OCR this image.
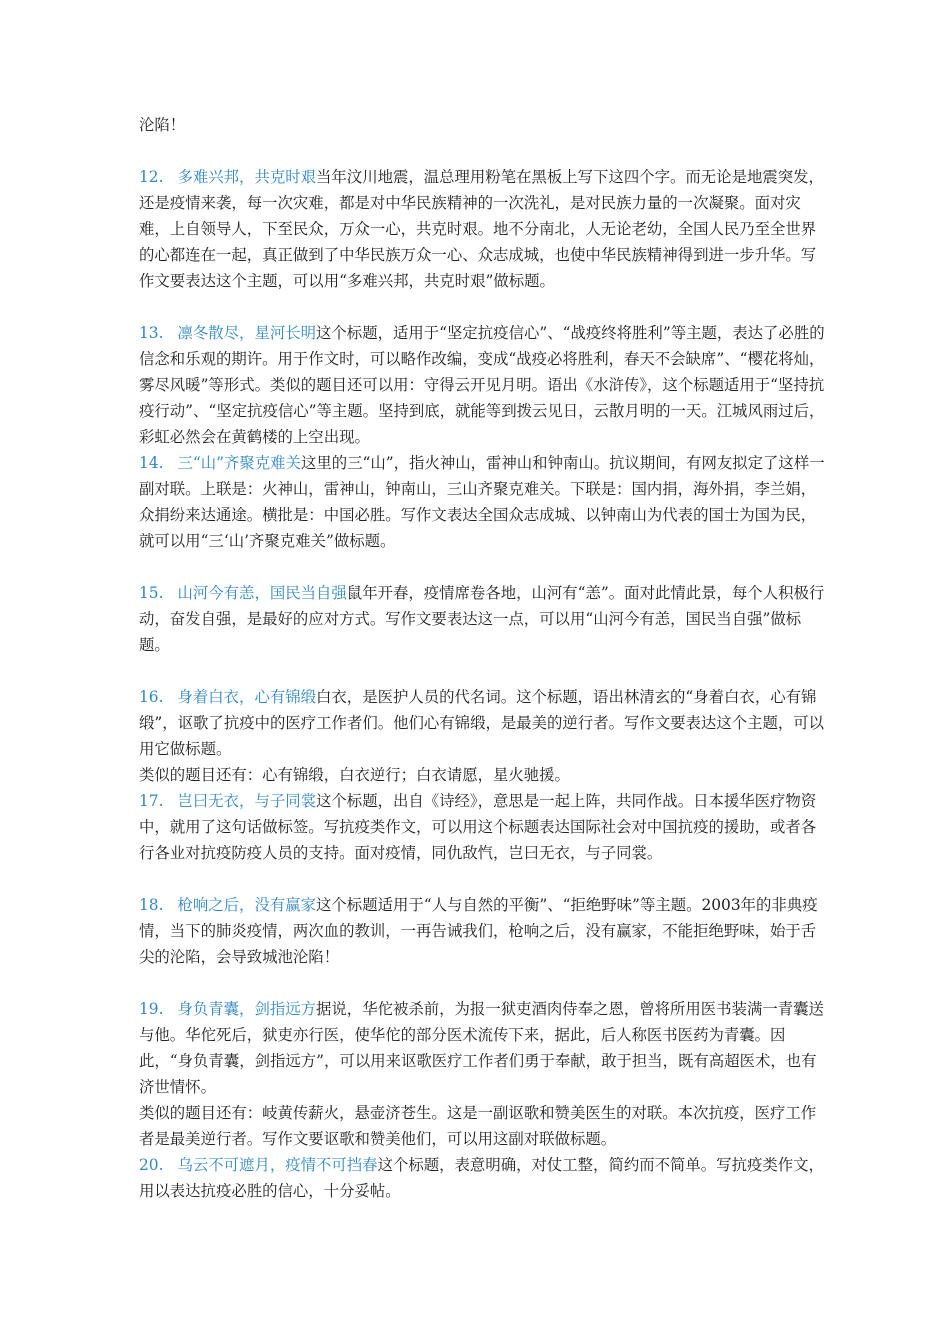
沦陷！

12. 多难兴邦，共克时艰当年汶川地震，温总理用粉笔在黑板上写下这四个字。而无论是地震突发，还是疫情来袭，每一次灾难，都是对中华民族精神的一次洗礼，是对民族力量的一次凝聚。面对灾难，上自领导人，下至民众，万众一心，共克时艰。地不分南北，人无论老幼，全国人民乃至全世界的心都连在一起，真正做到了中华民族万众一心、众志成城，也使中华民族精神得到进一步升华。写作文要表达这个主题，可以用“多难兴邦，共克时艰”做标题。

13. 凛冬散尽，星河长明这个标题，适用于“坚定抗疫信心”、“战疫终将胜利”等主题，表达了必胜的信念和乐观的期许。用于作文时，可以略作改编，变成“战疫必将胜利，春天不会缺席”、“樱花将灿，雾尽风暖”等形式。类似的题目还可以用：守得云开见月明。语出《水浒传》，这个标题适用于“坚持抗疫行动”、“坚定抗疫信心”等主题。坚持到底，就能等到拨云见日，云散月明的一天。江城风雨过后，彩虹必然会在黄鹤楼的上空出现。

14. 三“山”齐聚克难关这里的三“山”，指火神山，雷神山和钟南山。抗议期间，有网友拟定了这样一副对联。上联是：火神山，雷神山，钟南山，三山齐聚克难关。下联是：国内捐，海外捐，李兰娟，众捐纷来达通途。横批是：中国必胜。写作文表达全国众志成城、以钟南山为代表的国士为国为民，就可以用“三‘山’齐聚克难关”做标题。

15. 山河今有恙，国民当自强鼠年开春，疫情席卷各地，山河有“恙”。面对此情此景，每个人积极行动，奋发自强，是最好的应对方式。写作文要表达这一点，可以用“山河今有恙，国民当自强”做标题。

16. 身着白衣，心有锦缎白衣，是医护人员的代名词。这个标题，语出林清玄的“身着白衣，心有锦缎”，讴歌了抗疫中的医疗工作者们。他们心有锦缎，是最美的逆行者。写作文要表达这个主题，可以用它做标题。

类似的题目还有：心有锦缎，白衣逆行；白衣请愿，星火驰援。

17. 岂曰无衣，与子同裳这个标题，出自《诗经》，意思是一起上阵，共同作战。日本援华医疗物资中，就用了这句话做标签。写抗疫类作文，可以用这个标题表达国际社会对中国抗疫的援助，或者各行各业对抗疫防疫人员的支持。面对疫情，同仇敌忾，岂曰无衣，与子同裳。

18. 枪响之后，没有赢家这个标题适用于“人与自然的平衡”、“拒绝野味”等主题。2003年的非典疫情，当下的肺炎疫情，两次血的教训，一再告诫我们，枪响之后，没有赢家，不能拒绝野味，始于舌尖的沦陷，会导致城池沦陷！

19. 身负青囊，剑指远方据说，华佗被杀前，为报一狱吏酒肉侍奉之恩，曾将所用医书装满一青囊送与他。华佗死后，狱吏亦行医，使华佗的部分医术流传下来，据此，后人称医书医药为青囊。因此，“身负青囊，剑指远方”，可以用来讴歌医疗工作者们勇于奉献，敢于担当，既有高超医术，也有济世情怀。

类似的题目还有：岐黄传薪火，悬壶济苍生。这是一副讴歌和赞美医生的对联。本次抗疫，医疗工作者是最美逆行者。写作文要讴歌和赞美他们，可以用这副对联做标题。

20. 乌云不可遮月，疫情不可挡春这个标题，表意明确，对仗工整，简约而不简单。写抗疫类作文，用以表达抗疫必胜的信心，十分妥帖。
